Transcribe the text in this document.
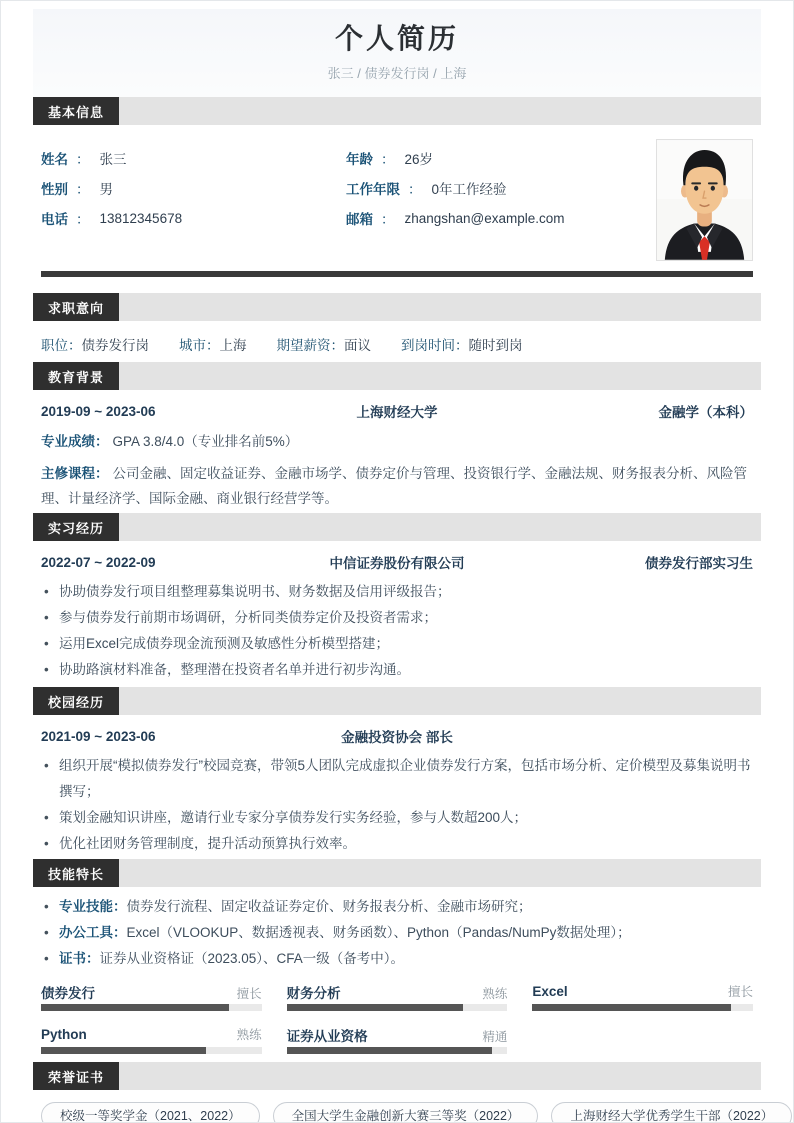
个人简历
张三 / 债券发行岗 / 上海
基本信息
姓名 ： 张三
性别 ： 男
电话 ： 13812345678
年龄 ： 26岁
工作年限 ： 0年工作经验
邮箱 ： zhangshan@example.com
求职意向
职位：债券发行岗 城市：上海 期望薪资：面议 到岗时间：随时到岗
教育背景
2019-09 ~ 2023-06	上海财经大学	金融学（本科）
专业成绩： GPA 3.8/4.0（专业排名前5%）
主修课程： 公司金融、固定收益证券、金融市场学、债券定价与管理、投资银行学、金融法规、财务报表分析、风险管理、计量经济学、国际金融、商业银行经营学等。
实习经历
2022-07 ~ 2022-09	中信证券股份有限公司	债券发行部实习生
• 协助债券发行项目组整理募集说明书、财务数据及信用评级报告；
• 参与债券发行前期市场调研，分析同类债券定价及投资者需求；
• 运用Excel完成债券现金流预测及敏感性分析模型搭建；
• 协助路演材料准备，整理潜在投资者名单并进行初步沟通。
校园经历
2021-09 ~ 2023-06	金融投资协会 部长
• 组织开展“模拟债券发行”校园竞赛，带领5人团队完成虚拟企业债券发行方案，包括市场分析、定价模型及募集说明书撰写；
• 策划金融知识讲座，邀请行业专家分享债券发行实务经验，参与人数超200人；
• 优化社团财务管理制度，提升活动预算执行效率。
技能特长
• 专业技能：债券发行流程、固定收益证券定价、财务报表分析、金融市场研究；
• 办公工具：Excel（VLOOKUP、数据透视表、财务函数）、Python（Pandas/NumPy数据处理）；
• 证书：证券从业资格证（2023.05）、CFA一级（备考中）。
债券发行	擅长 财务分析	熟练 Excel	擅长
Python	熟练 证券从业资格	精通
荣誉证书
校级一等奖学金（2021、2022）	全国大学生金融创新大赛三等奖（2022）	上海财经大学优秀学生干部（2022）
